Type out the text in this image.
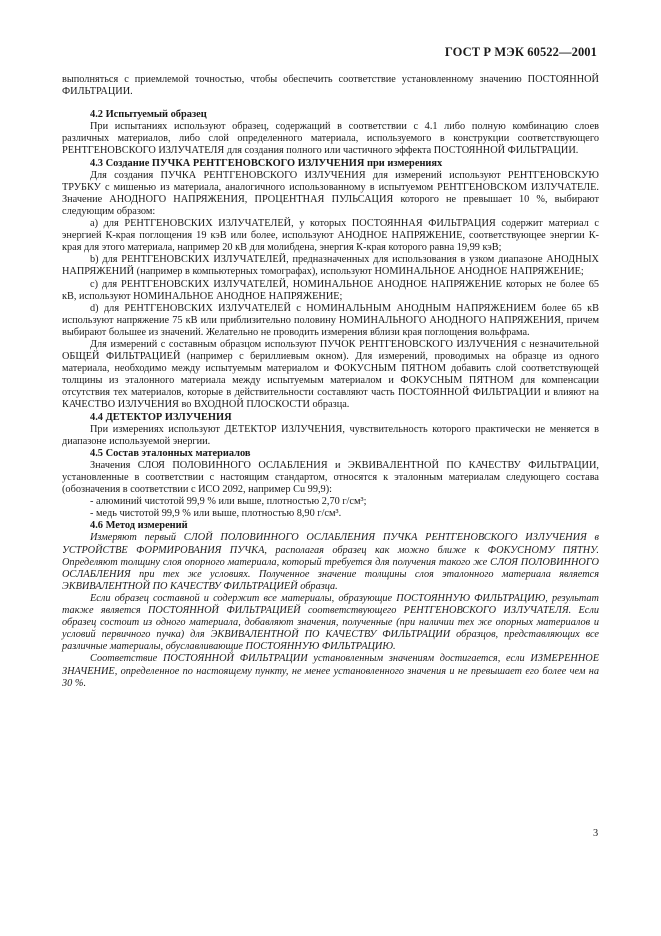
ГОСТ Р МЭК 60522—2001

выполняться с приемлемой точностью, чтобы обеспечить соответствие установленному значению ПОСТОЯННОЙ ФИЛЬТРАЦИИ.

4.2 Испытуемый образец

При испытаниях используют образец, содержащий в соответствии с 4.1 либо полную комбинацию слоев различных материалов, либо слой определенного материала, используемого в конструкции соответствующего РЕНТГЕНОВСКОГО ИЗЛУЧАТЕЛЯ для создания полного или частичного эффекта ПОСТОЯННОЙ ФИЛЬТРАЦИИ.

4.3 Создание ПУЧКА РЕНТГЕНОВСКОГО ИЗЛУЧЕНИЯ при измерениях

Для создания ПУЧКА РЕНТГЕНОВСКОГО ИЗЛУЧЕНИЯ для измерений используют РЕНТГЕНОВСКУЮ ТРУБКУ с мишенью из материала, аналогичного использованному в испытуемом РЕНТГЕНОВСКОМ ИЗЛУЧАТЕЛЕ. Значение АНОДНОГО НАПРЯЖЕНИЯ, ПРОЦЕНТНАЯ ПУЛЬСАЦИЯ которого не превышает 10 %, выбирают следующим образом:

а) для РЕНТГЕНОВСКИХ ИЗЛУЧАТЕЛЕЙ, у которых ПОСТОЯННАЯ ФИЛЬТРАЦИЯ содержит материал с энергией К-края поглощения 19 кэВ или более, используют АНОДНОЕ НАПРЯЖЕНИЕ, соответствующее энергии К-края для этого материала, например 20 кВ для молибдена, энергия К-края которого равна 19,99 кэВ;

b) для РЕНТГЕНОВСКИХ ИЗЛУЧАТЕЛЕЙ, предназначенных для использования в узком диапазоне АНОДНЫХ НАПРЯЖЕНИЙ (например в компьютерных томографах), используют НОМИНАЛЬНОЕ АНОДНОЕ НАПРЯЖЕНИЕ;

с) для РЕНТГЕНОВСКИХ ИЗЛУЧАТЕЛЕЙ, НОМИНАЛЬНОЕ АНОДНОЕ НАПРЯЖЕНИЕ которых не более 65 кВ, используют НОМИНАЛЬНОЕ АНОДНОЕ НАПРЯЖЕНИЕ;

d) для РЕНТГЕНОВСКИХ ИЗЛУЧАТЕЛЕЙ с НОМИНАЛЬНЫМ АНОДНЫМ НАПРЯЖЕНИЕМ более 65 кВ используют напряжение 75 кВ или приблизительно половину НОМИНАЛЬНОГО АНОДНОГО НАПРЯЖЕНИЯ, причем выбирают большее из значений. Желательно не проводить измерения вблизи края поглощения вольфрама.

Для измерений с составным образцом используют ПУЧОК РЕНТГЕНОВСКОГО ИЗЛУЧЕНИЯ с незначительной ОБЩЕЙ ФИЛЬТРАЦИЕЙ (например с бериллиевым окном). Для измерений, проводимых на образце из одного материала, необходимо между испытуемым материалом и ФОКУСНЫМ ПЯТНОМ добавить слой соответствующей толщины из эталонного материала между испытуемым материалом и ФОКУСНЫМ ПЯТНОМ для компенсации отсутствия тех материалов, которые в действительности составляют часть ПОСТОЯННОЙ ФИЛЬТРАЦИИ и влияют на КАЧЕСТВО ИЗЛУЧЕНИЯ во ВХОДНОЙ ПЛОСКОСТИ образца.

4.4 ДЕТЕКТОР ИЗЛУЧЕНИЯ

При измерениях используют ДЕТЕКТОР ИЗЛУЧЕНИЯ, чувствительность которого практически не меняется в диапазоне используемой энергии.

4.5 Состав эталонных материалов

Значения СЛОЯ ПОЛОВИННОГО ОСЛАБЛЕНИЯ и ЭКВИВАЛЕНТНОЙ ПО КАЧЕСТВУ ФИЛЬТРАЦИИ, установленные в соответствии с настоящим стандартом, относятся к эталонным материалам следующего состава (обозначения в соответствии с ИСО 2092, например Cu 99,9):

- алюминий чистотой 99,9 % или выше, плотностью 2,70 г/см³;

- медь чистотой 99,9 % или выше, плотностью 8,90 г/см³.

4.6 Метод измерений

Измеряют первый СЛОЙ ПОЛОВИННОГО ОСЛАБЛЕНИЯ ПУЧКА РЕНТГЕНОВСКОГО ИЗЛУЧЕНИЯ в УСТРОЙСТВЕ ФОРМИРОВАНИЯ ПУЧКА, располагая образец как можно ближе к ФОКУСНОМУ ПЯТНУ. Определяют толщину слоя опорного материала, который требуется для получения такого же СЛОЯ ПОЛОВИННОГО ОСЛАБЛЕНИЯ при тех же условиях. Полученное значение толщины слоя эталонного материала является ЭКВИВАЛЕНТНОЙ ПО КАЧЕСТВУ ФИЛЬТРАЦИЕЙ образца.

Если образец составной и содержит все материалы, образующие ПОСТОЯННУЮ ФИЛЬТРАЦИЮ, результат также является ПОСТОЯННОЙ ФИЛЬТРАЦИЕЙ соответствующего РЕНТГЕНОВСКОГО ИЗЛУЧАТЕЛЯ. Если образец состоит из одного материала, добавляют значения, полученные (при наличии тех же опорных материалов и условий первичного пучка) для ЭКВИВАЛЕНТНОЙ ПО КАЧЕСТВУ ФИЛЬТРАЦИИ образцов, представляющих все различные материалы, обуславливающие ПОСТОЯННУЮ ФИЛЬТРАЦИЮ.

Соответствие ПОСТОЯННОЙ ФИЛЬТРАЦИИ установленным значениям достигается, если ИЗМЕРЕННОЕ ЗНАЧЕНИЕ, определенное по настоящему пункту, не менее установленного значения и не превышает его более чем на 30 %.

3
